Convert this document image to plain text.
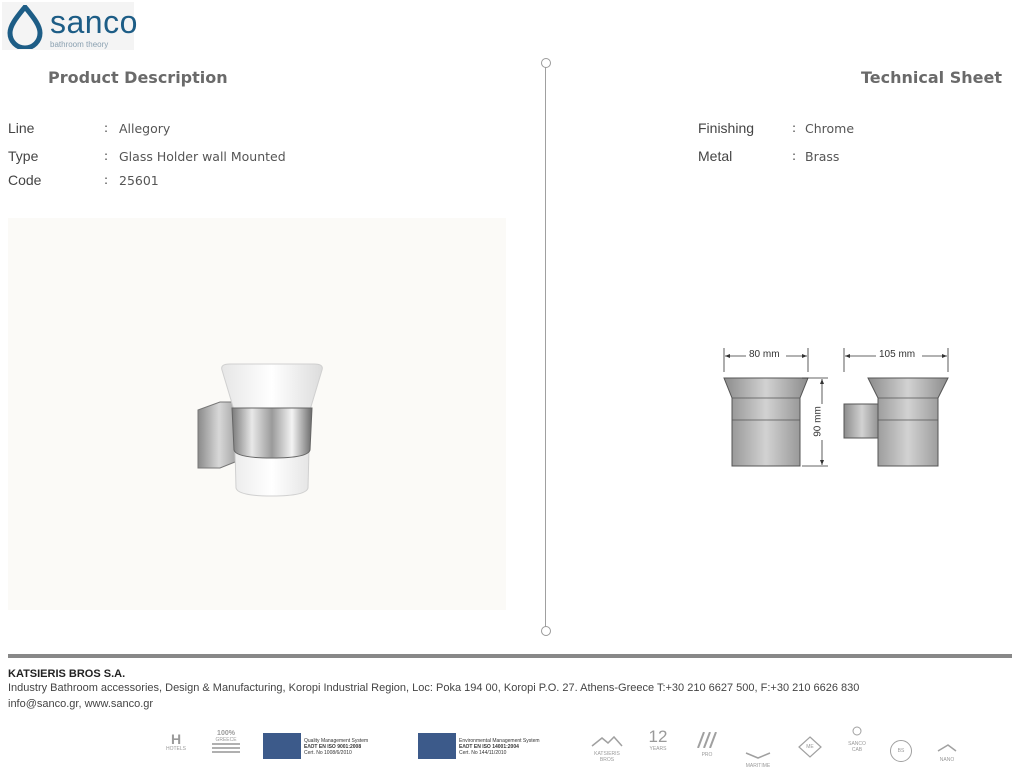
sanco
bathroom theory
Product Description
Line	: Allegory
Type	: Glass Holder wall Mounted
Code	: 25601
Technical Sheet
Finishing	: Chrome
Metal	: Brass
80 mm	105 mm
90 mm
KATSIERIS BROS S.A.
Industry Bathroom accessories, Design & Manufacturing, Koropi Industrial Region, Loc: Poka 194 00, Koropi P.O. 27. Athens-Greece T:+30 210 6627 500, F:+30 210 6626 830
info@sanco.gr, www.sanco.gr
H
HOTELS
100%
GREECE	Quality Management System
ΕΛΟΤ ΕΝ ISO 9001:2008
Cert. No 1008/6/2010
Environmental Management System
ΕΛΟΤ ΕΝ ISO 14001:2004
Cert. No 144/11/2010	KATSIERIS
BROS
12
YEARS
PRO
MARITIME
ME	SANCO
CAB	BS
NANO
